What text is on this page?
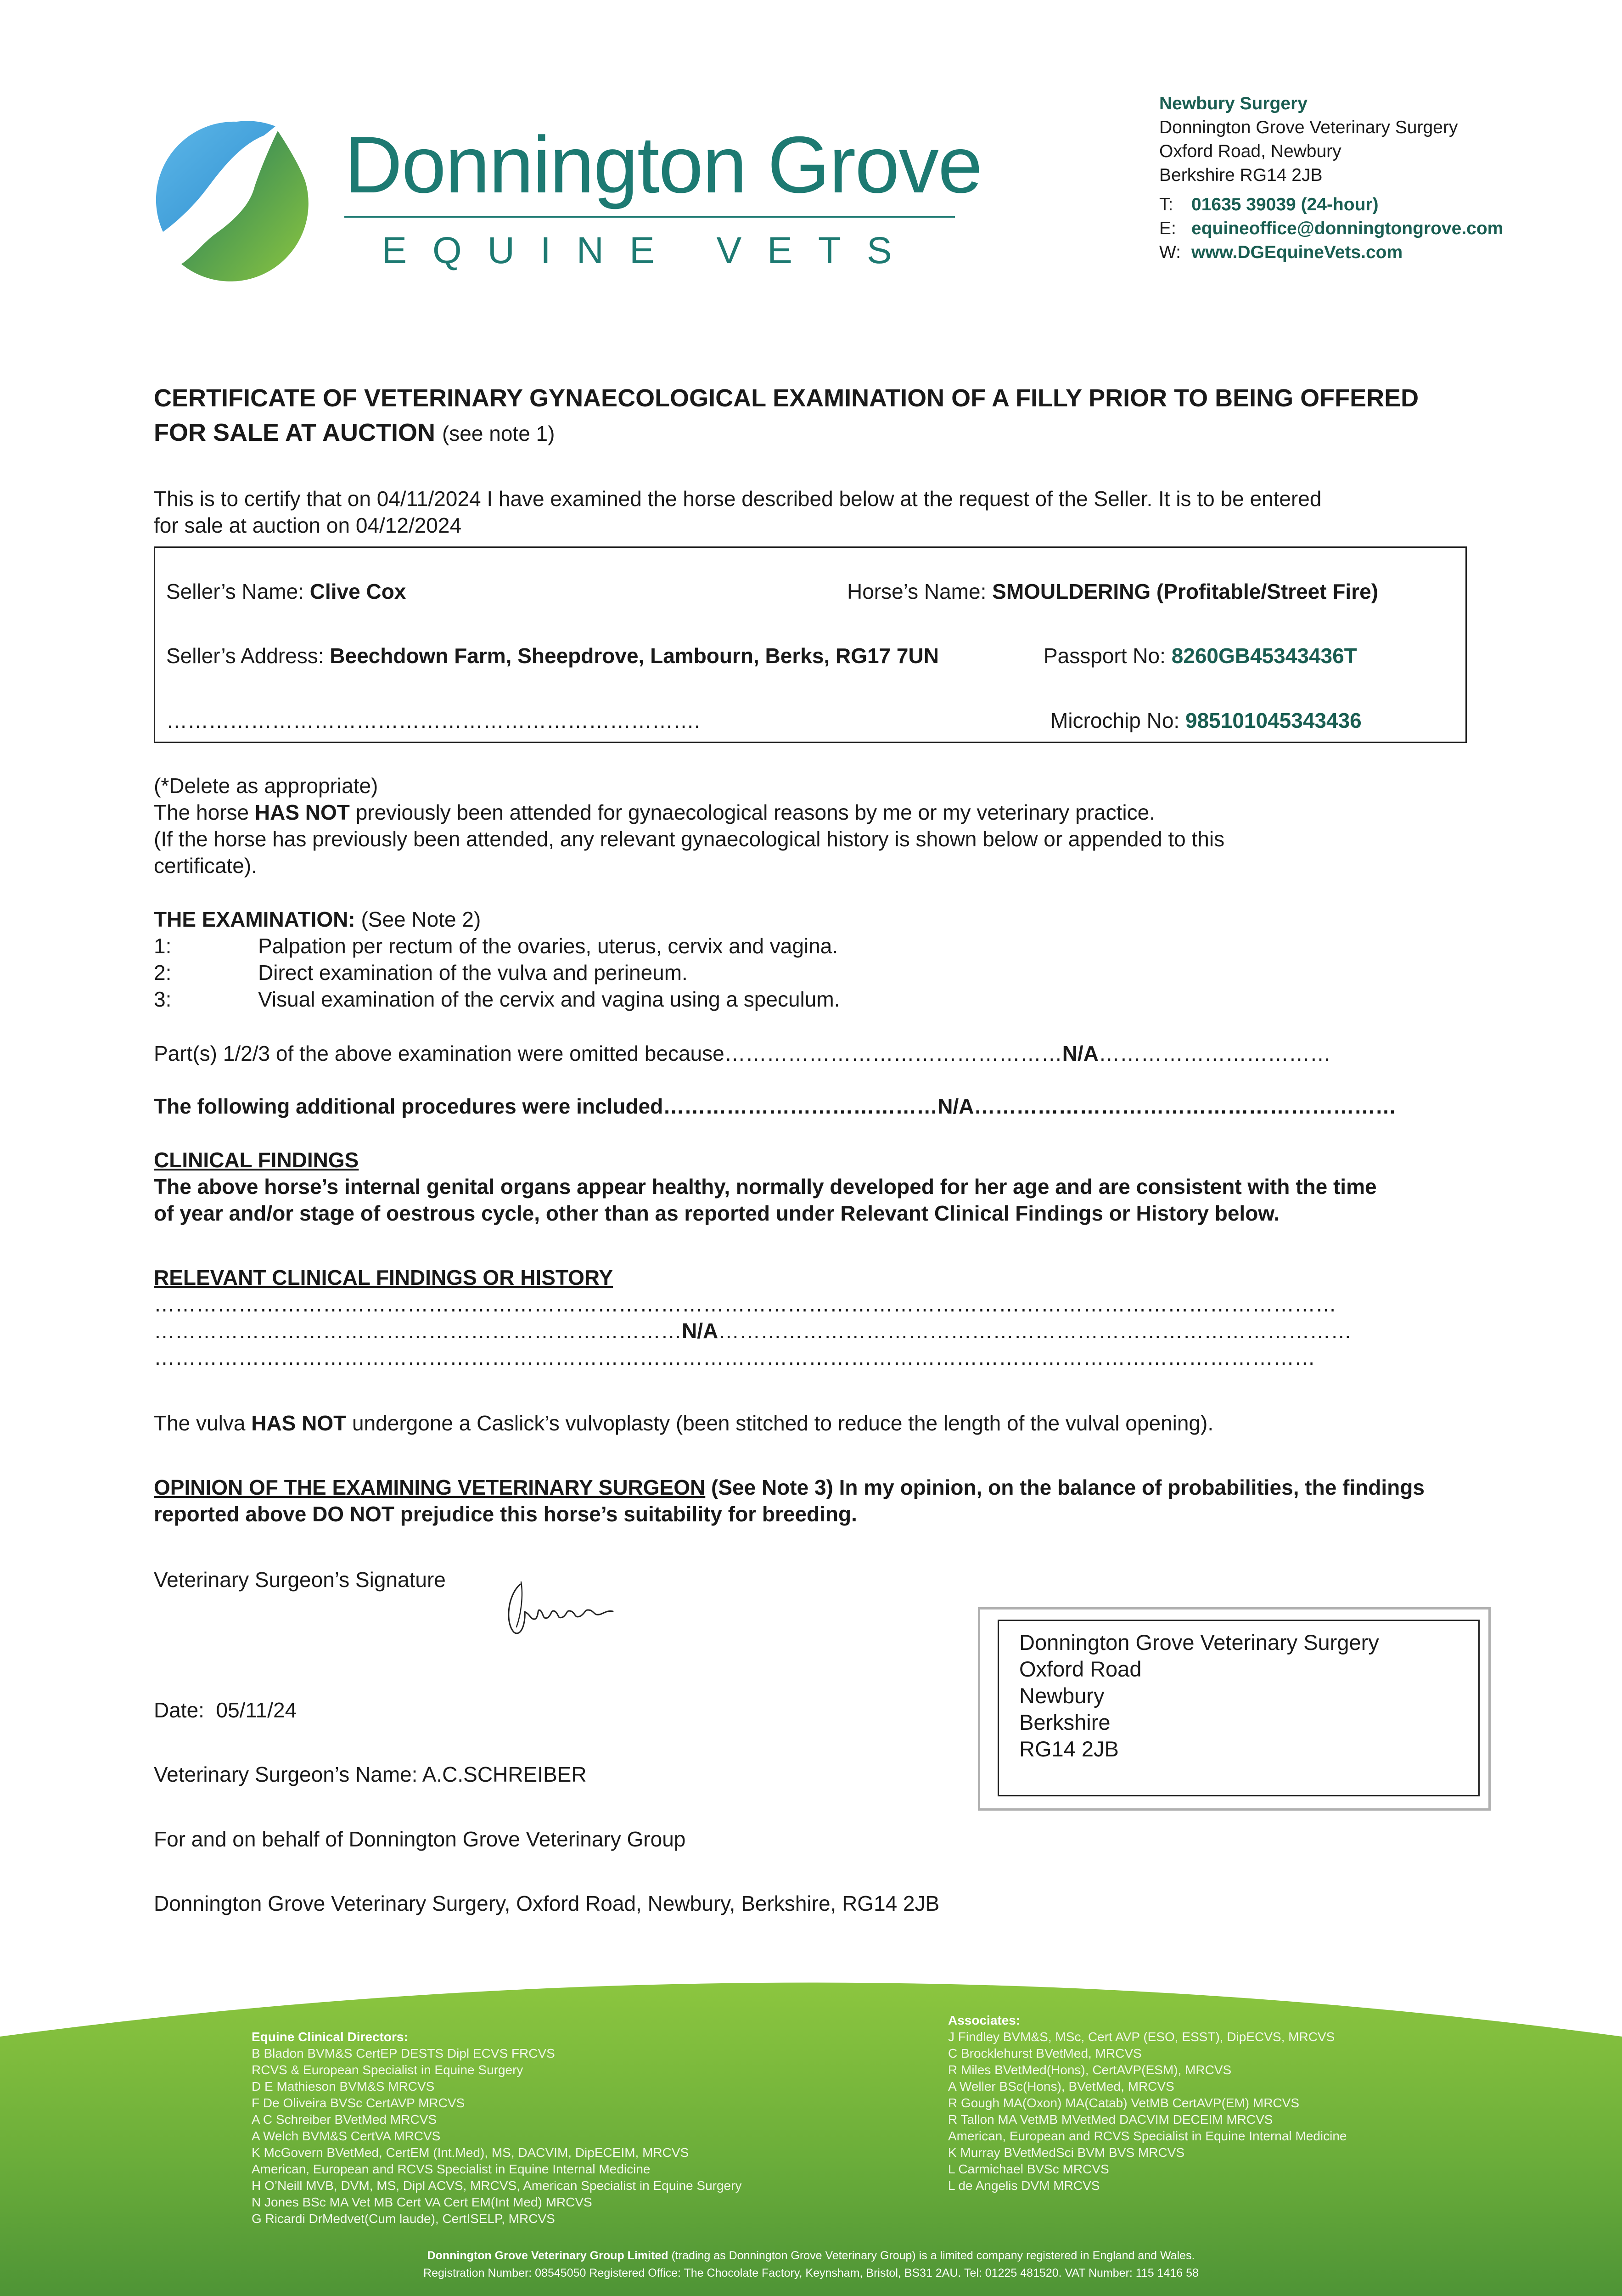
Donnington Grove
EQUINE VETS
Newbury Surgery
Donnington Grove Veterinary Surgery
Oxford Road, Newbury
Berkshire RG14 2JB
T: 01635 39039 (24-hour)
E: equineoffice@donningtongrove.com
W: www.DGEquineVets.com
CERTIFICATE OF VETERINARY GYNAECOLOGICAL EXAMINATION OF A FILLY PRIOR TO BEING OFFERED
FOR SALE AT AUCTION (see note 1)
This is to certify that on 04/11/2024 I have examined the horse described below at the request of the Seller. It is to be entered
for sale at auction on 04/12/2024
Seller’s Name: Clive Cox	Horse’s Name: SMOULDERING (Profitable/Street Fire)
Seller’s Address: Beechdown Farm, Sheepdrove, Lambourn, Berks, RG17 7UN	Passport No: 8260GB45343436T
………………………………………………………………….	Microchip No: 985101045343436
(*Delete as appropriate)
The horse HAS NOT previously been attended for gynaecological reasons by me or my veterinary practice.
(If the horse has previously been attended, any relevant gynaecological history is shown below or appended to this
certificate).
THE EXAMINATION: (See Note 2)
1:	Palpation per rectum of the ovaries, uterus, cervix and vagina.
2:	Direct examination of the vulva and perineum.
3:	Visual examination of the cervix and vagina using a speculum.
Part(s) 1/2/3 of the above examination were omitted because…………………………………………N/A……………………………
The following additional procedures were included…………………………………N/A……………………………………………………
CLINICAL FINDINGS
The above horse’s internal genital organs appear healthy, normally developed for her age and are consistent with the time
of year and/or stage of oestrous cycle, other than as reported under Relevant Clinical Findings or History below.
RELEVANT CLINICAL FINDINGS OR HISTORY
……………………………………………………………………………………………………………………………………………………
…………………………………………………………………N/A………………………………………………………………………………
…………………………………………………………………………………………………………………………………………………
The vulva HAS NOT undergone a Caslick’s vulvoplasty (been stitched to reduce the length of the vulval opening).
OPINION OF THE EXAMINING VETERINARY SURGEON (See Note 3) In my opinion, on the balance of probabilities, the findings
reported above DO NOT prejudice this horse’s suitability for breeding.
Veterinary Surgeon’s Signature
Date: 05/11/24
Veterinary Surgeon’s Name: A.C.SCHREIBER
For and on behalf of Donnington Grove Veterinary Group
Donnington Grove Veterinary Surgery, Oxford Road, Newbury, Berkshire, RG14 2JB
Donnington Grove Veterinary Surgery
Oxford Road
Newbury
Berkshire
RG14 2JB
Equine Clinical Directors:
B Bladon BVM&S CertEP DESTS Dipl ECVS FRCVS
RCVS & European Specialist in Equine Surgery
D E Mathieson BVM&S MRCVS
F De Oliveira BVSc CertAVP MRCVS
A C Schreiber BVetMed MRCVS
A Welch BVM&S CertVA MRCVS
K McGovern BVetMed, CertEM (Int.Med), MS, DACVIM, DipECEIM, MRCVS
American, European and RCVS Specialist in Equine Internal Medicine
H O’Neill MVB, DVM, MS, Dipl ACVS, MRCVS, American Specialist in Equine Surgery
N Jones BSc MA Vet MB Cert VA Cert EM(Int Med) MRCVS
G Ricardi DrMedvet(Cum laude), CertISELP, MRCVS
Associates:
J Findley BVM&S, MSc, Cert AVP (ESO, ESST), DipECVS, MRCVS
C Brocklehurst BVetMed, MRCVS
R Miles BVetMed(Hons), CertAVP(ESM), MRCVS
A Weller BSc(Hons), BVetMed, MRCVS
R Gough MA(Oxon) MA(Catab) VetMB CertAVP(EM) MRCVS
R Tallon MA VetMB MVetMed DACVIM DECEIM MRCVS
American, European and RCVS Specialist in Equine Internal Medicine
K Murray BVetMedSci BVM BVS MRCVS
L Carmichael BVSc MRCVS
L de Angelis DVM MRCVS
Donnington Grove Veterinary Group Limited (trading as Donnington Grove Veterinary Group) is a limited company registered in England and Wales.
Registration Number: 08545050 Registered Office: The Chocolate Factory, Keynsham, Bristol, BS31 2AU. Tel: 01225 481520. VAT Number: 115 1416 58
